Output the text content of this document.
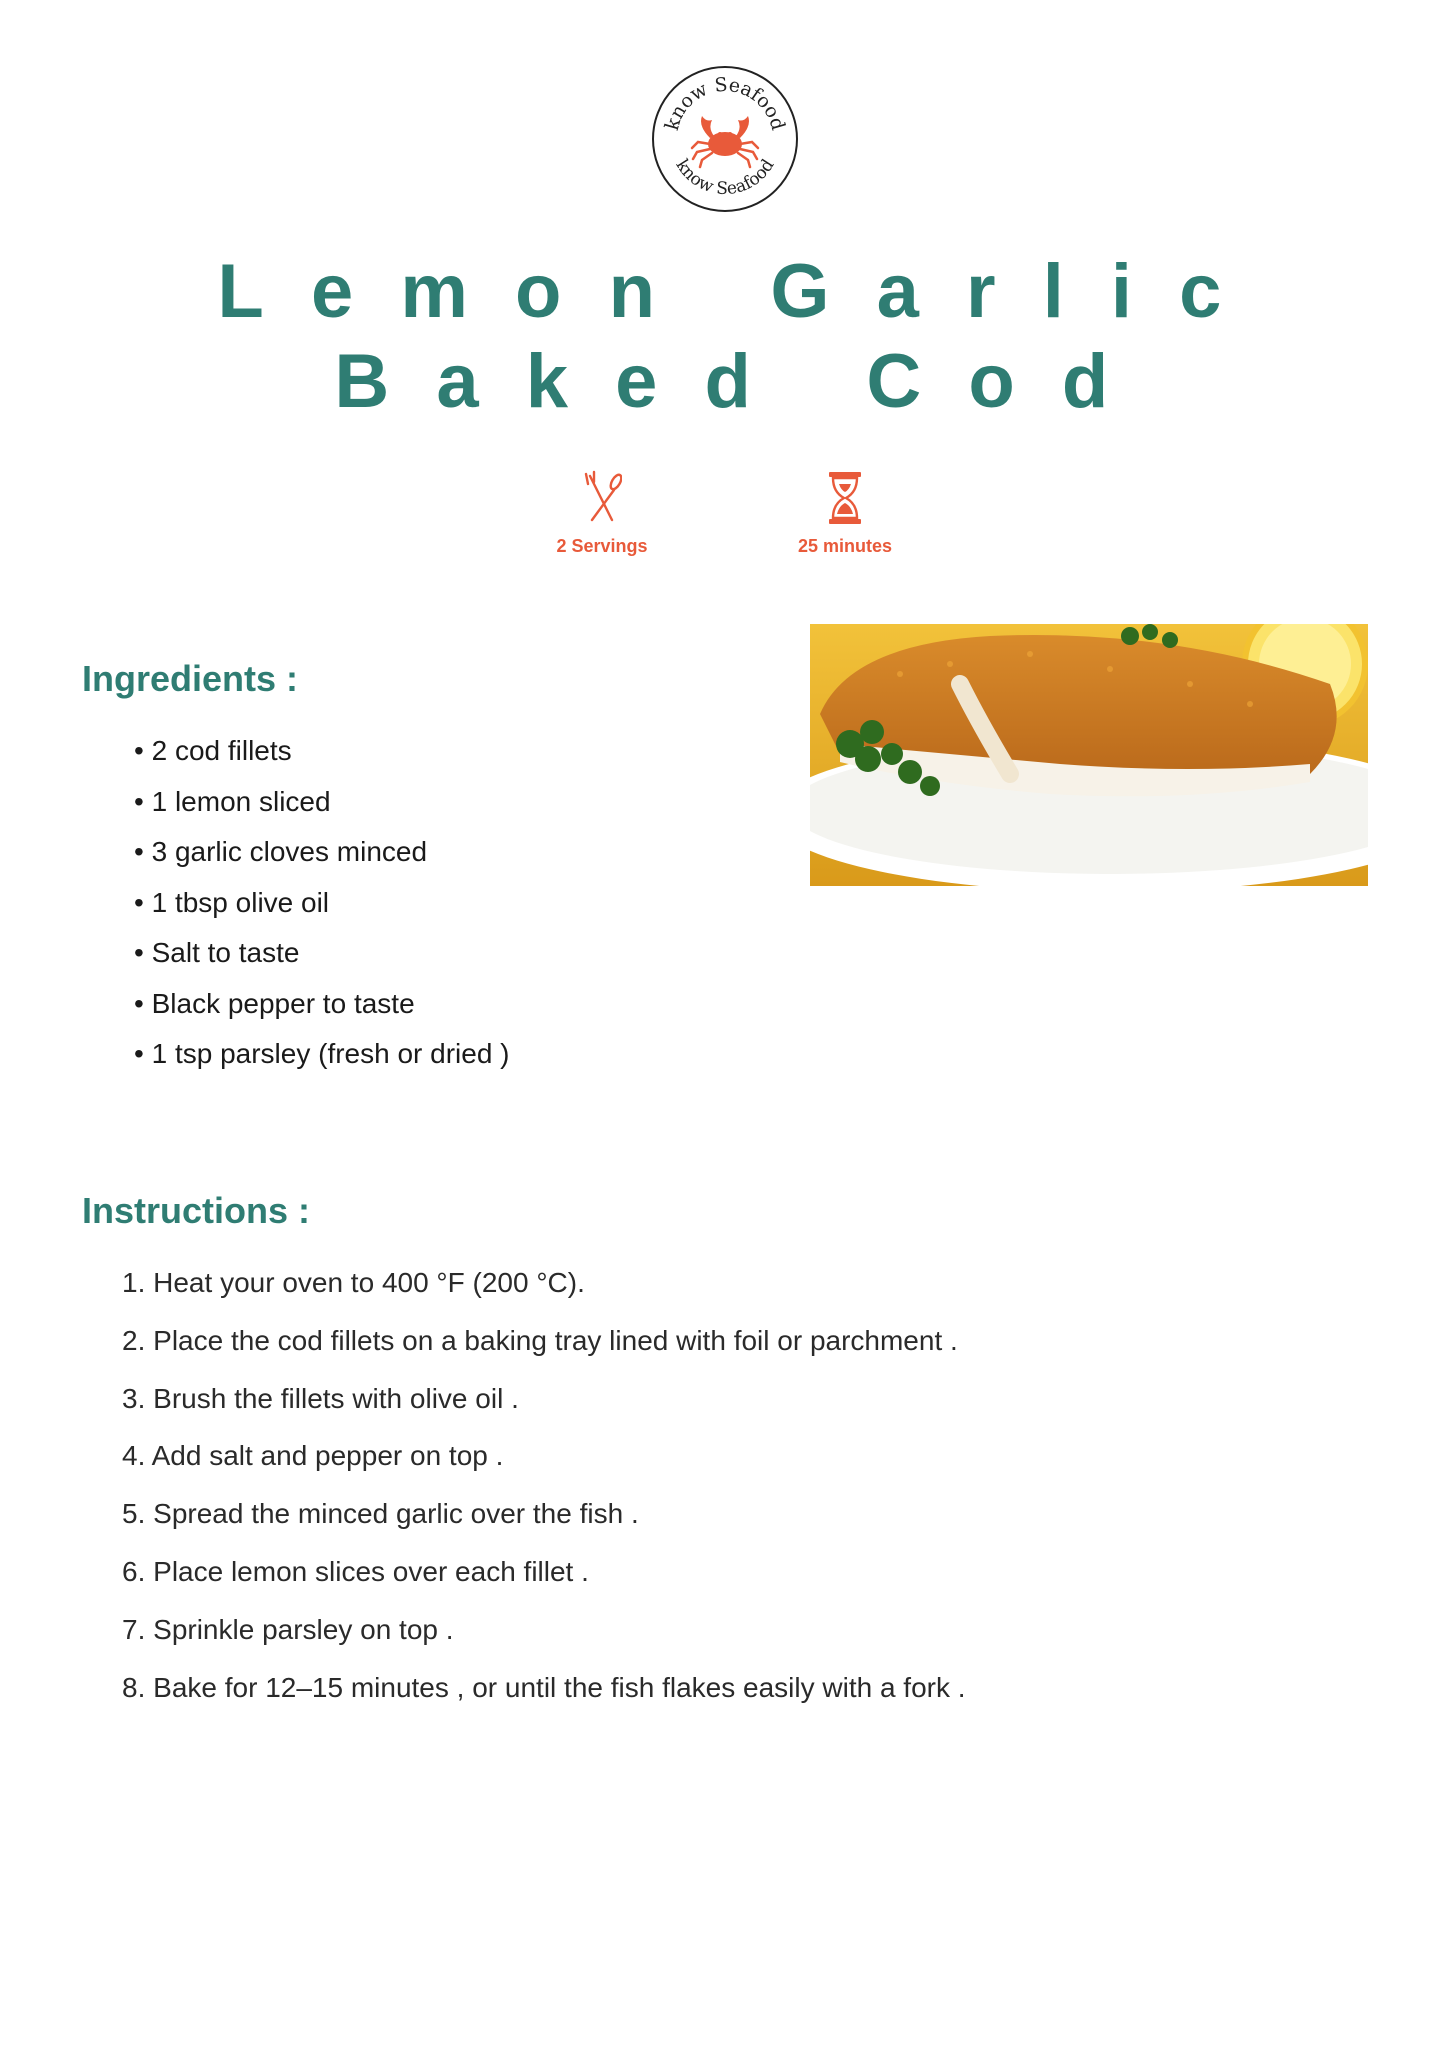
know Seafood
know Seafood
Lemon Garlic
Baked Cod
2 Servings	25 minutes
Ingredients :
• 2 cod fillets
• 1 lemon sliced
• 3 garlic cloves minced
• 1 tbsp olive oil
• Salt to taste
• Black pepper to taste
• 1 tsp parsley (fresh or dried )
Instructions :
1. Heat your oven to 400 °F (200 °C).
2. Place the cod fillets on a baking tray lined with foil or parchment .
3. Brush the fillets with olive oil .
4. Add salt and pepper on top .
5. Spread the minced garlic over the fish .
6. Place lemon slices over each fillet .
7. Sprinkle parsley on top .
8. Bake for 12–15 minutes , or until the fish flakes easily with a fork .
